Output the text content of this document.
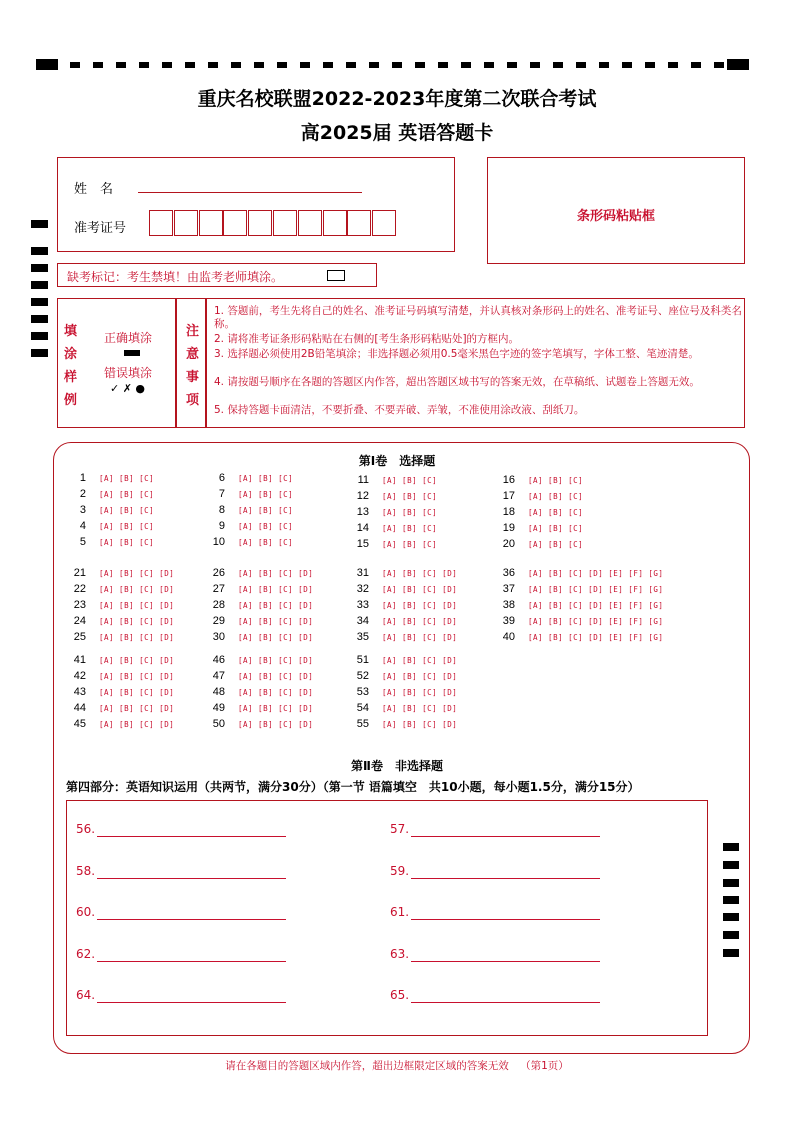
重庆名校联盟2022-2023年度第二次联合考试
高2025届 英语答题卡
姓　名
准考证号
条形码粘贴框
缺考标记：考生禁填！由监考老师填涂。
填涂样例
正确填涂
错误填涂
✓ ✗ ●
注意事项
1. 答题前，考生先将自己的姓名、准考证号码填写清楚，并认真核对条形码上的姓名、准考证号、座位号及科类名称。
2. 请将准考证条形码粘贴在右侧的[考生条形码粘贴处]的方框内。
3. 选择题必须使用2B铅笔填涂；非选择题必须用0.5毫米黑色字迹的签字笔填写，字体工整、笔迹清楚。
4. 请按题号顺序在各题的答题区内作答，超出答题区域书写的答案无效，在草稿纸、试题卷上答题无效。
5. 保持答题卡面清洁，不要折叠、不要弄破、弄皱，不准使用涂改液、刮纸刀。
第Ⅰ卷　选择题
1 [A] [B] [C]
2 [A] [B] [C]
3 [A] [B] [C]
4 [A] [B] [C]
5 [A] [B] [C]
6 [A] [B] [C]
7 [A] [B] [C]
8 [A] [B] [C]
9 [A] [B] [C]
10 [A] [B] [C]
11 [A] [B] [C]
12 [A] [B] [C]
13 [A] [B] [C]
14 [A] [B] [C]
15 [A] [B] [C]
16 [A] [B] [C]
17 [A] [B] [C]
18 [A] [B] [C]
19 [A] [B] [C]
20 [A] [B] [C]
21 [A] [B] [C] [D]
22 [A] [B] [C] [D]
23 [A] [B] [C] [D]
24 [A] [B] [C] [D]
25 [A] [B] [C] [D]
26 [A] [B] [C] [D]
27 [A] [B] [C] [D]
28 [A] [B] [C] [D]
29 [A] [B] [C] [D]
30 [A] [B] [C] [D]
31 [A] [B] [C] [D]
32 [A] [B] [C] [D]
33 [A] [B] [C] [D]
34 [A] [B] [C] [D]
35 [A] [B] [C] [D]
36 [A] [B] [C] [D] [E] [F] [G]
37 [A] [B] [C] [D] [E] [F] [G]
38 [A] [B] [C] [D] [E] [F] [G]
39 [A] [B] [C] [D] [E] [F] [G]
40 [A] [B] [C] [D] [E] [F] [G]
41 [A] [B] [C] [D]
42 [A] [B] [C] [D]
43 [A] [B] [C] [D]
44 [A] [B] [C] [D]
45 [A] [B] [C] [D]
46 [A] [B] [C] [D]
47 [A] [B] [C] [D]
48 [A] [B] [C] [D]
49 [A] [B] [C] [D]
50 [A] [B] [C] [D]
51 [A] [B] [C] [D]
52 [A] [B] [C] [D]
53 [A] [B] [C] [D]
54 [A] [B] [C] [D]
55 [A] [B] [C] [D]
第Ⅱ卷　非选择题
第四部分：英语知识运用（共两节，满分30分）（第一节 语篇填空　共10小题，每小题1.5分，满分15分）
56.	57.
58.	59.
60.	61.
62.	63.
64.	65.
请在各题目的答题区域内作答，超出边框限定区域的答案无效 （第1页）
